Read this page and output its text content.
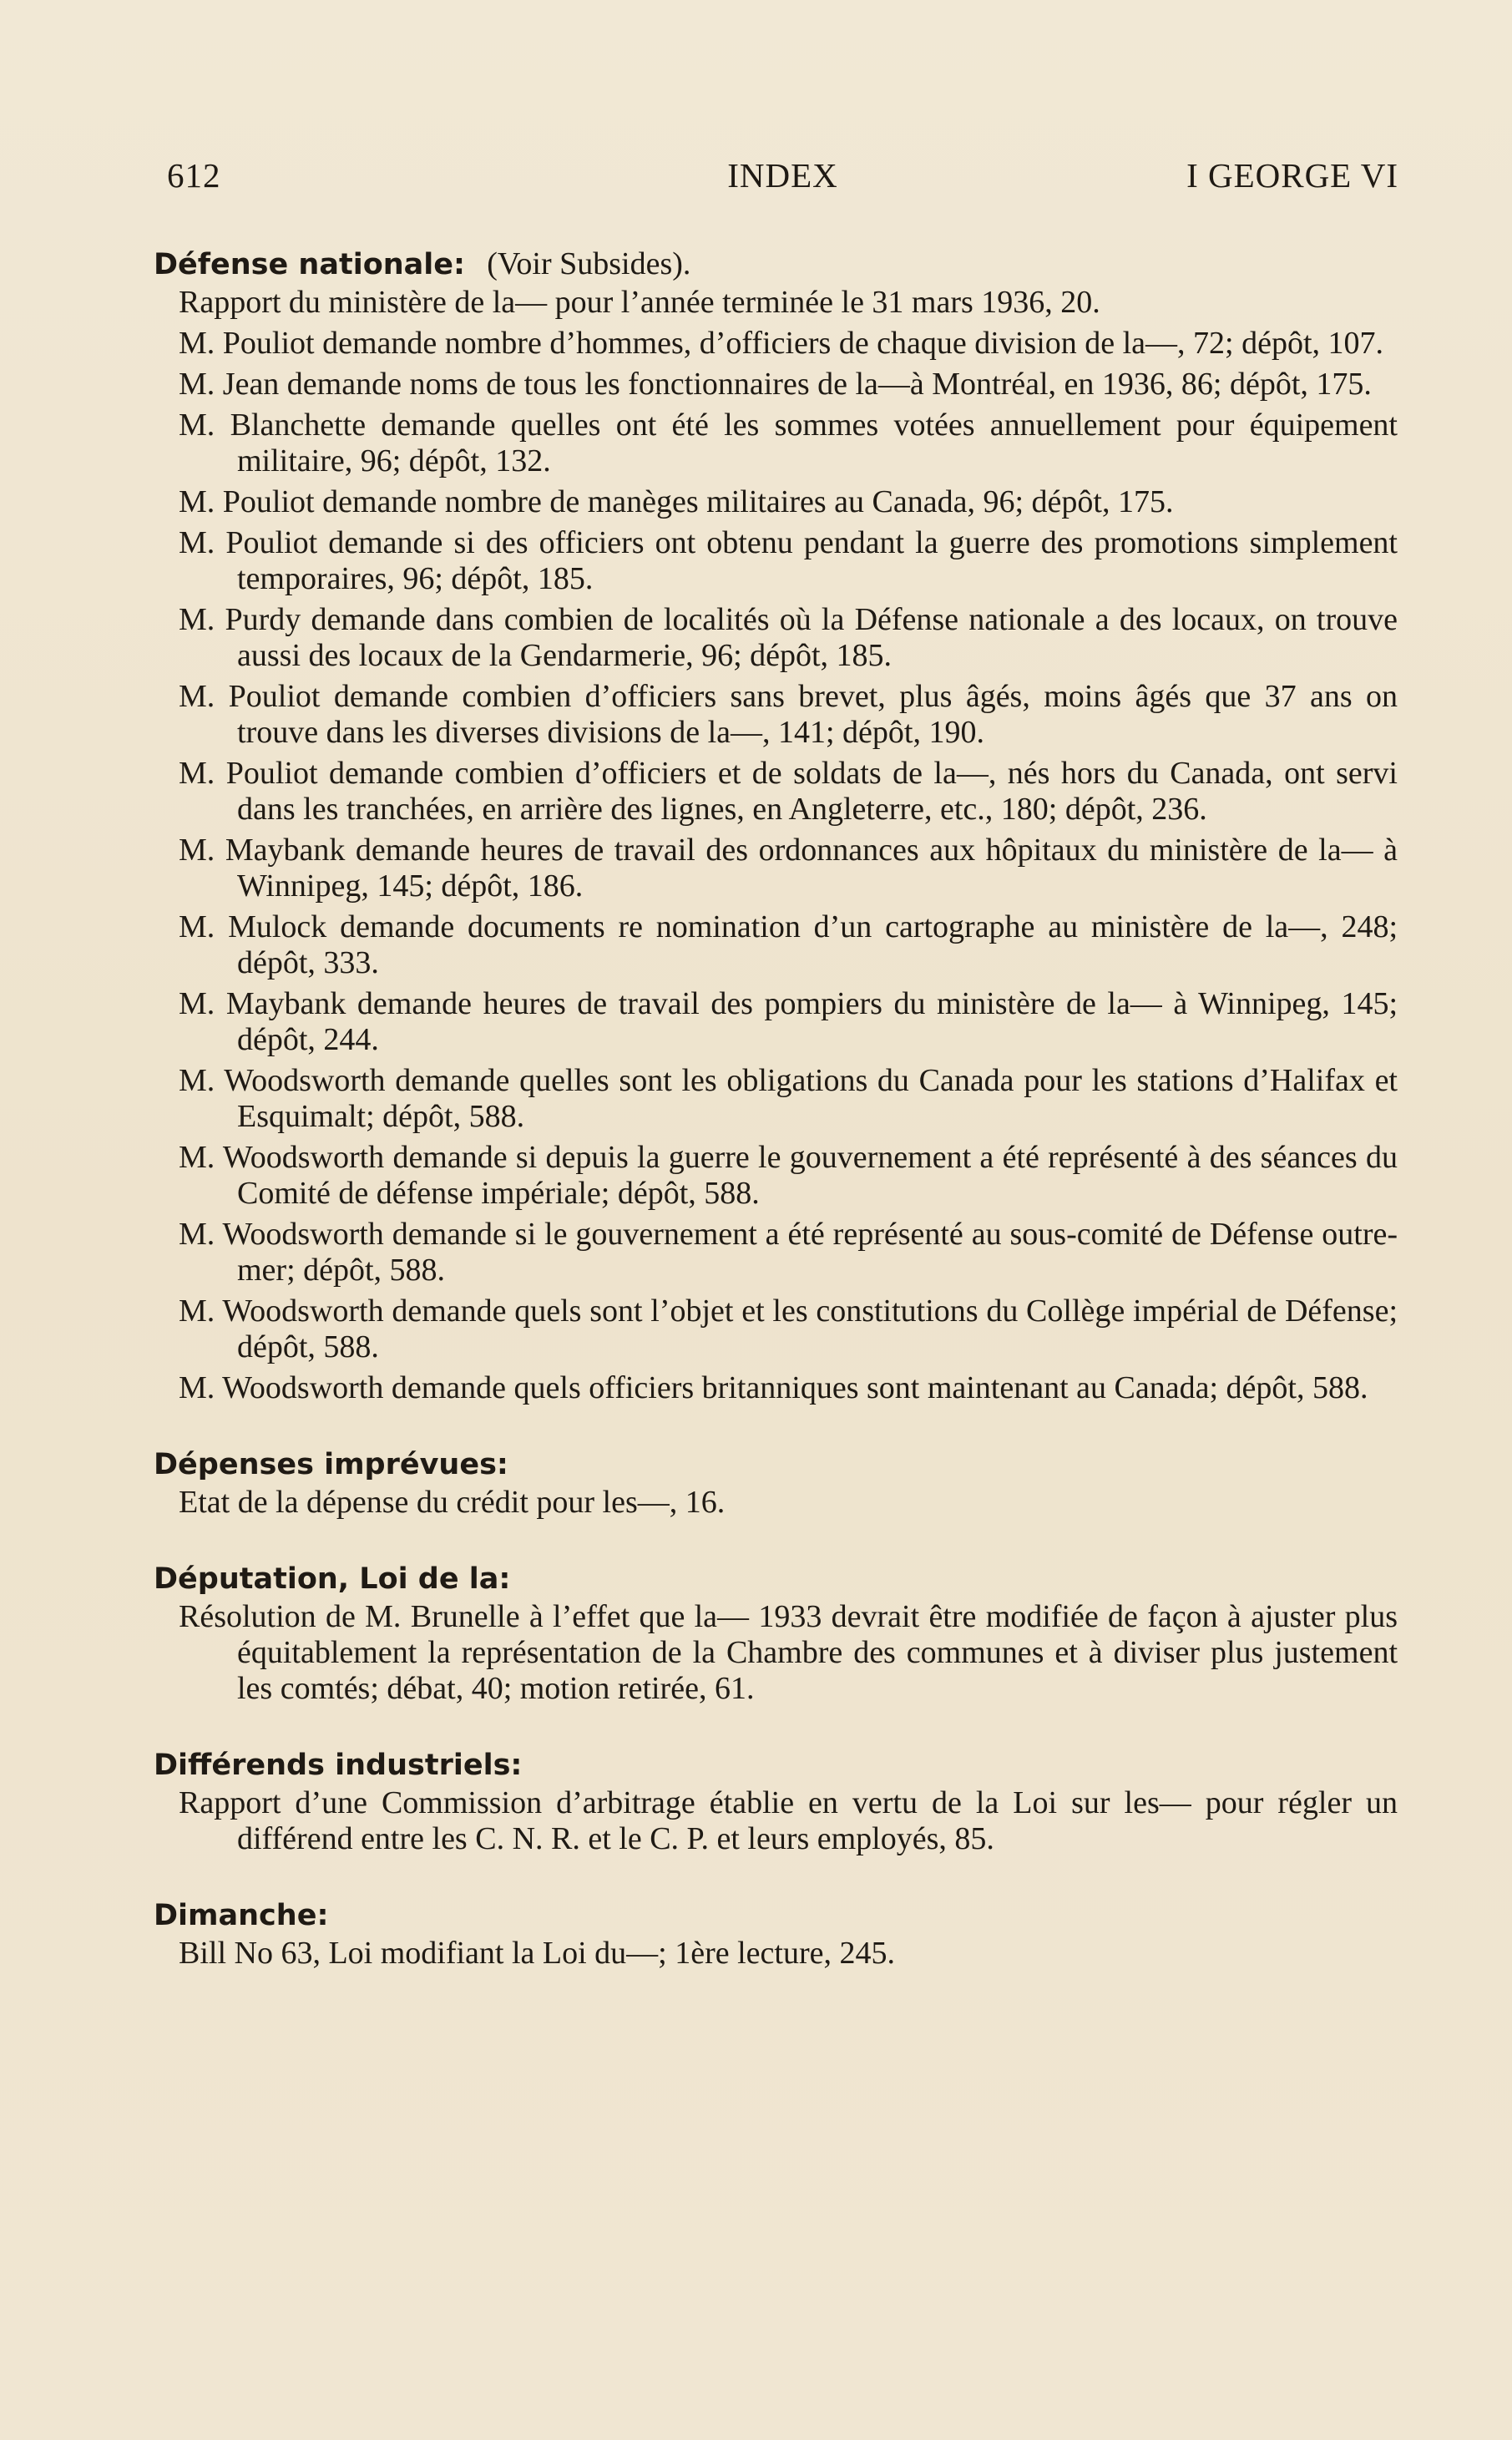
612	INDEX	I GEORGE VI

Défense nationale: (Voir Subsides).

Rapport du ministère de la— pour l’année terminée le 31 mars 1936, 20.

M. Pouliot demande nombre d’hommes, d’officiers de chaque division de la—, 72; dépôt, 107.

M. Jean demande noms de tous les fonctionnaires de la—à Montréal, en 1936, 86; dépôt, 175.

M. Blanchette demande quelles ont été les sommes votées annuellement pour équipement militaire, 96; dépôt, 132.

M. Pouliot demande nombre de manèges militaires au Canada, 96; dépôt, 175.

M. Pouliot demande si des officiers ont obtenu pendant la guerre des promotions simplement temporaires, 96; dépôt, 185.

M. Purdy demande dans combien de localités où la Défense nationale a des locaux, on trouve aussi des locaux de la Gendarmerie, 96; dépôt, 185.

M. Pouliot demande combien d’officiers sans brevet, plus âgés, moins âgés que 37 ans on trouve dans les diverses divisions de la—, 141; dépôt, 190.

M. Pouliot demande combien d’officiers et de soldats de la—, nés hors du Canada, ont servi dans les tranchées, en arrière des lignes, en Angleterre, etc., 180; dépôt, 236.

M. Maybank demande heures de travail des ordonnances aux hôpitaux du ministère de la— à Winnipeg, 145; dépôt, 186.

M. Mulock demande documents re nomination d’un cartographe au ministère de la—, 248; dépôt, 333.

M. Maybank demande heures de travail des pompiers du ministère de la— à Winnipeg, 145; dépôt, 244.

M. Woodsworth demande quelles sont les obligations du Canada pour les stations d’Halifax et Esquimalt; dépôt, 588.

M. Woodsworth demande si depuis la guerre le gouvernement a été représenté à des séances du Comité de défense impériale; dépôt, 588.

M. Woodsworth demande si le gouvernement a été représenté au sous-comité de Défense outre-mer; dépôt, 588.

M. Woodsworth demande quels sont l’objet et les constitutions du Collège impérial de Défense; dépôt, 588.

M. Woodsworth demande quels officiers britanniques sont maintenant au Canada; dépôt, 588.

Dépenses imprévues:

Etat de la dépense du crédit pour les—, 16.

Députation, Loi de la:

Résolution de M. Brunelle à l’effet que la— 1933 devrait être modifiée de façon à ajuster plus équitablement la représentation de la Chambre des communes et à diviser plus justement les comtés; débat, 40; motion retirée, 61.

Différends industriels:

Rapport d’une Commission d’arbitrage établie en vertu de la Loi sur les— pour régler un différend entre les C. N. R. et le C. P. et leurs employés, 85.

Dimanche:

Bill No 63, Loi modifiant la Loi du—; 1ère lecture, 245.
